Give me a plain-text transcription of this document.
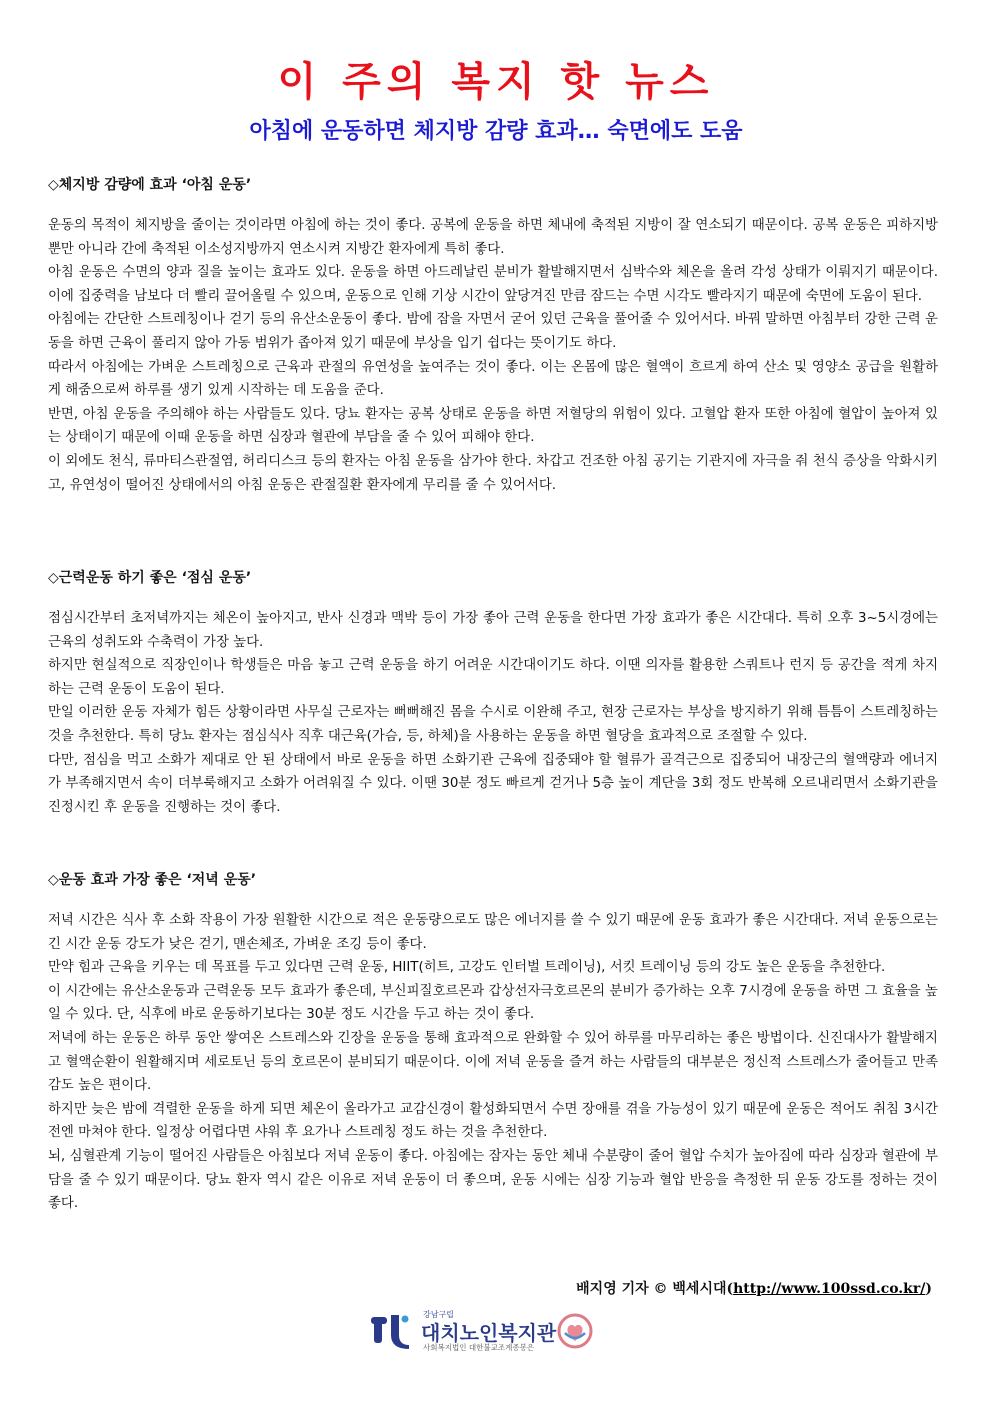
이 주의 복지 핫 뉴스
아침에 운동하면 체지방 감량 효과… 숙면에도 도움
◇체지방 감량에 효과 ‘아침 운동’

운동의 목적이 체지방을 줄이는 것이라면 아침에 하는 것이 좋다. 공복에 운동을 하면 체내에 축적된 지방이 잘 연소되기 때문이다. 공복 운동은 피하지방뿐만 아니라 간에 축적된 이소성지방까지 연소시켜 지방간 환자에게 특히 좋다.

아침 운동은 수면의 양과 질을 높이는 효과도 있다. 운동을 하면 아드레날린 분비가 활발해지면서 심박수와 체온을 올려 각성 상태가 이뤄지기 때문이다. 이에 집중력을 남보다 더 빨리 끌어올릴 수 있으며, 운동으로 인해 기상 시간이 앞당겨진 만큼 잠드는 수면 시각도 빨라지기 때문에 숙면에 도움이 된다.

아침에는 간단한 스트레칭이나 걷기 등의 유산소운동이 좋다. 밤에 잠을 자면서 굳어 있던 근육을 풀어줄 수 있어서다. 바꿔 말하면 아침부터 강한 근력 운동을 하면 근육이 풀리지 않아 가동 범위가 좁아져 있기 때문에 부상을 입기 쉽다는 뜻이기도 하다.

따라서 아침에는 가벼운 스트레칭으로 근육과 관절의 유연성을 높여주는 것이 좋다. 이는 온몸에 많은 혈액이 흐르게 하여 산소 및 영양소 공급을 원활하게 해줌으로써 하루를 생기 있게 시작하는 데 도움을 준다.

반면, 아침 운동을 주의해야 하는 사람들도 있다. 당뇨 환자는 공복 상태로 운동을 하면 저혈당의 위험이 있다. 고혈압 환자 또한 아침에 혈압이 높아져 있는 상태이기 때문에 이때 운동을 하면 심장과 혈관에 부담을 줄 수 있어 피해야 한다.

이 외에도 천식, 류마티스관절염, 허리디스크 등의 환자는 아침 운동을 삼가야 한다. 차갑고 건조한 아침 공기는 기관지에 자극을 줘 천식 증상을 악화시키고, 유연성이 떨어진 상태에서의 아침 운동은 관절질환 환자에게 무리를 줄 수 있어서다.

◇근력운동 하기 좋은 ‘점심 운동’

점심시간부터 초저녁까지는 체온이 높아지고, 반사 신경과 맥박 등이 가장 좋아 근력 운동을 한다면 가장 효과가 좋은 시간대다. 특히 오후 3~5시경에는 근육의 성취도와 수축력이 가장 높다.

하지만 현실적으로 직장인이나 학생들은 마음 놓고 근력 운동을 하기 어려운 시간대이기도 하다. 이땐 의자를 활용한 스쿼트나 런지 등 공간을 적게 차지하는 근력 운동이 도움이 된다.

만일 이러한 운동 자체가 힘든 상황이라면 사무실 근로자는 뻐뻐해진 몸을 수시로 이완해 주고, 현장 근로자는 부상을 방지하기 위해 틈틈이 스트레칭하는 것을 추천한다. 특히 당뇨 환자는 점심식사 직후 대근육(가슴, 등, 하체)을 사용하는 운동을 하면 혈당을 효과적으로 조절할 수 있다.

다만, 점심을 먹고 소화가 제대로 안 된 상태에서 바로 운동을 하면 소화기관 근육에 집중돼야 할 혈류가 골격근으로 집중되어 내장근의 혈액량과 에너지가 부족해지면서 속이 더부룩해지고 소화가 어려워질 수 있다. 이땐 30분 정도 빠르게 걷거나 5층 높이 계단을 3회 정도 반복해 오르내리면서 소화기관을 진정시킨 후 운동을 진행하는 것이 좋다.

◇운동 효과 가장 좋은 ‘저녁 운동’

저녁 시간은 식사 후 소화 작용이 가장 원활한 시간으로 적은 운동량으로도 많은 에너지를 쓸 수 있기 때문에 운동 효과가 좋은 시간대다. 저녁 운동으로는 긴 시간 운동 강도가 낮은 걷기, 맨손체조, 가벼운 조깅 등이 좋다.

만약 힘과 근육을 키우는 데 목표를 두고 있다면 근력 운동, HIIT(히트, 고강도 인터벌 트레이닝), 서킷 트레이닝 등의 강도 높은 운동을 추천한다.

이 시간에는 유산소운동과 근력운동 모두 효과가 좋은데, 부신피질호르몬과 갑상선자극호르몬의 분비가 증가하는 오후 7시경에 운동을 하면 그 효율을 높일 수 있다. 단, 식후에 바로 운동하기보다는 30분 정도 시간을 두고 하는 것이 좋다.

저녁에 하는 운동은 하루 동안 쌓여온 스트레스와 긴장을 운동을 통해 효과적으로 완화할 수 있어 하루를 마무리하는 좋은 방법이다. 신진대사가 활발해지고 혈액순환이 원활해지며 세로토닌 등의 호르몬이 분비되기 때문이다. 이에 저녁 운동을 즐겨 하는 사람들의 대부분은 정신적 스트레스가 줄어들고 만족감도 높은 편이다.

하지만 늦은 밤에 격렬한 운동을 하게 되면 체온이 올라가고 교감신경이 활성화되면서 수면 장애를 겪을 가능성이 있기 때문에 운동은 적어도 취침 3시간 전엔 마쳐야 한다. 일정상 어렵다면 샤워 후 요가나 스트레칭 정도 하는 것을 추천한다.

뇌, 심혈관계 기능이 떨어진 사람들은 아침보다 저녁 운동이 좋다. 아침에는 잠자는 동안 체내 수분량이 줄어 혈압 수치가 높아짐에 따라 심장과 혈관에 부담을 줄 수 있기 때문이다. 당뇨 환자 역시 같은 이유로 저녁 운동이 더 좋으며, 운동 시에는 심장 기능과 혈압 반응을 측정한 뒤 운동 강도를 정하는 것이 좋다.

배지영 기자 © 백세시대(http://www.100ssd.co.kr/)
강남구립
대치노인복지관
사회복지법인 대한불교조계종봉은
